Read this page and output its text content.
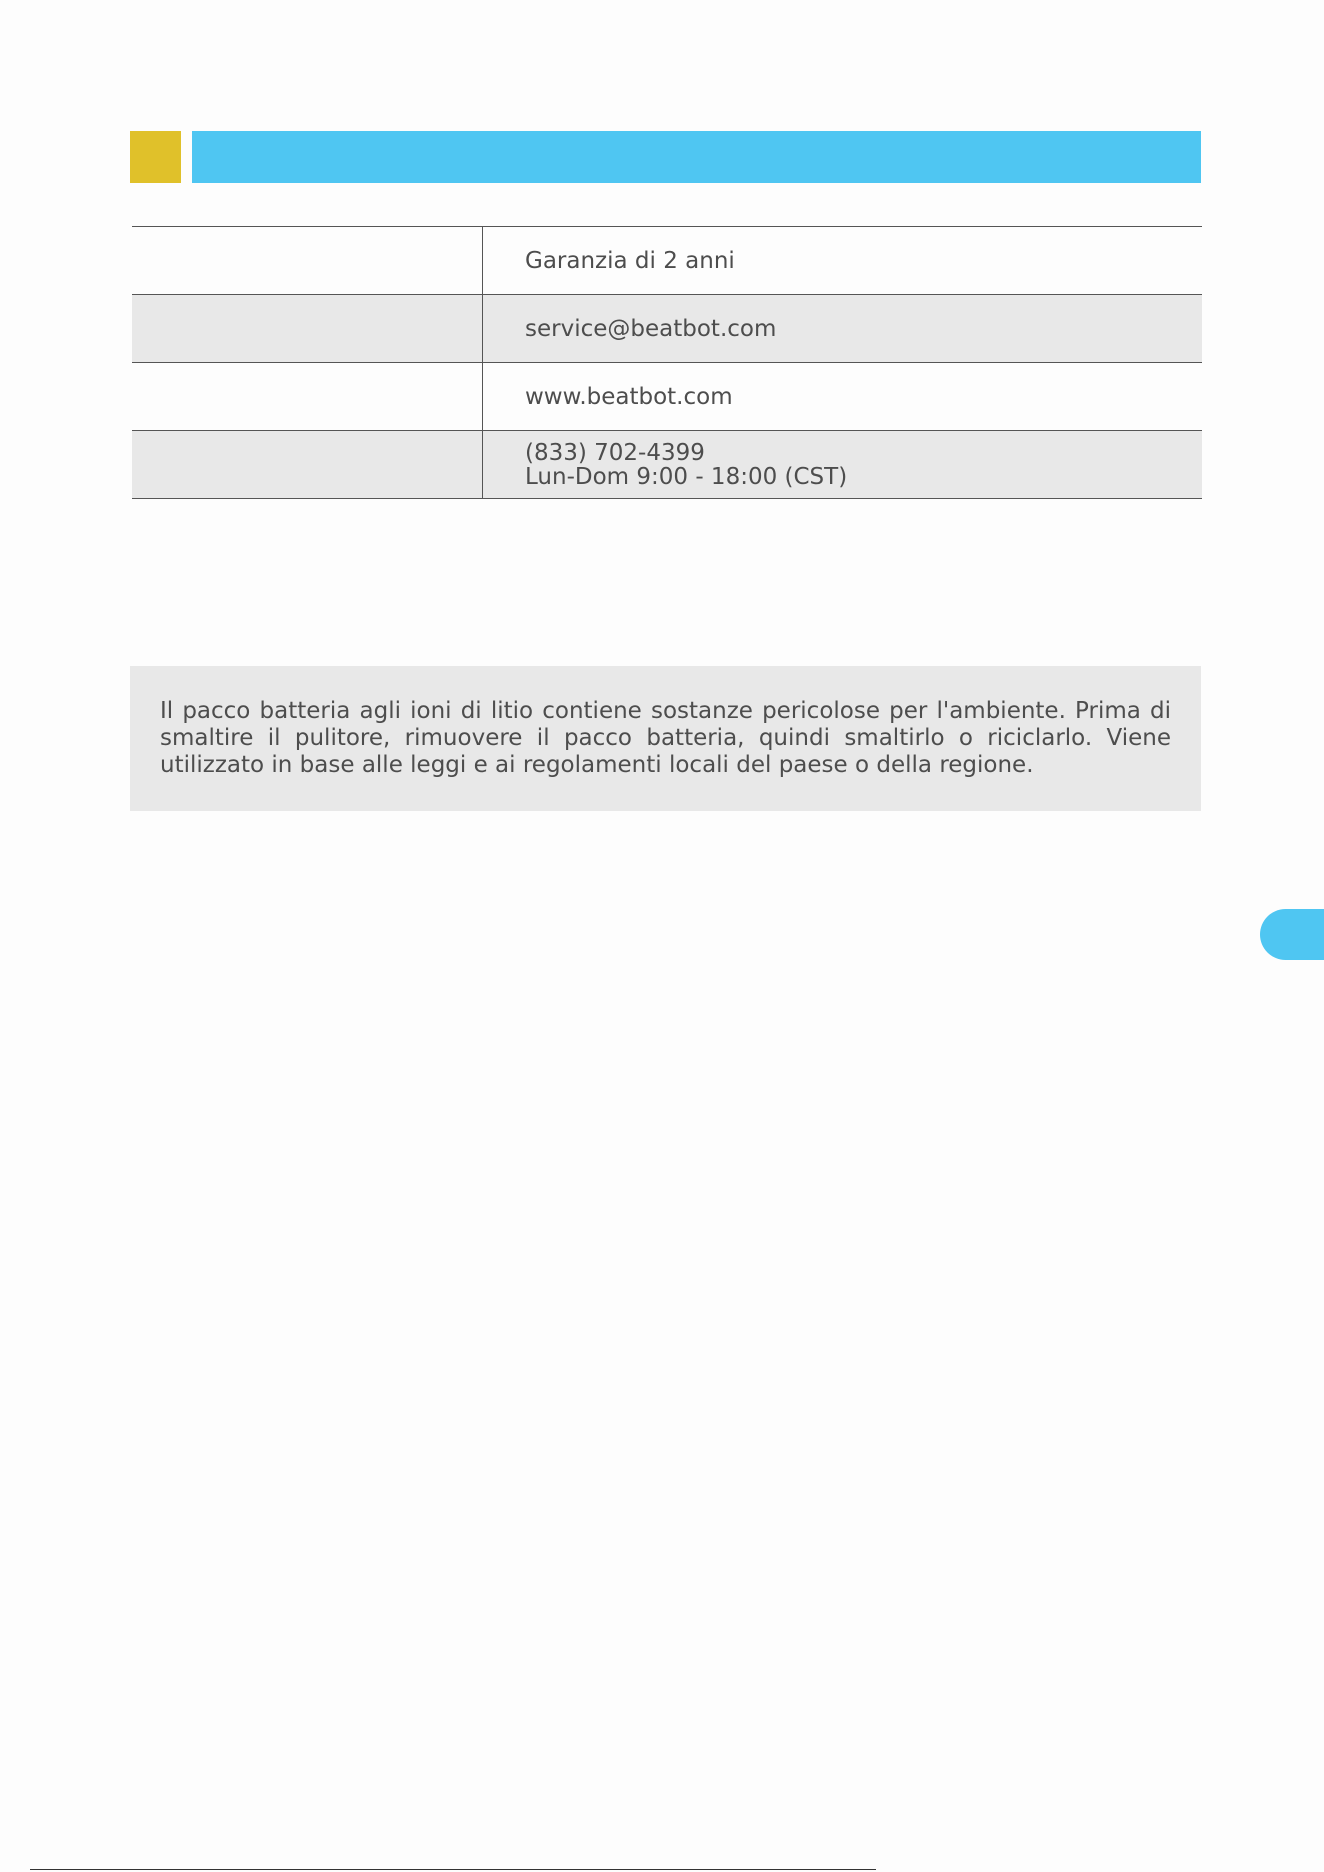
Garanzia di 2 anni
service@beatbot.com
www.beatbot.com
(833) 702-4399
Lun-Dom 9:00 - 18:00 (CST)
Il pacco batteria agli ioni di litio contiene sostanze pericolose per l'ambiente. Prima di smaltire il pulitore, rimuovere il pacco batteria, quindi smaltirlo o riciclarlo. Viene utilizzato in base alle leggi e ai regolamenti locali del paese o della regione.
